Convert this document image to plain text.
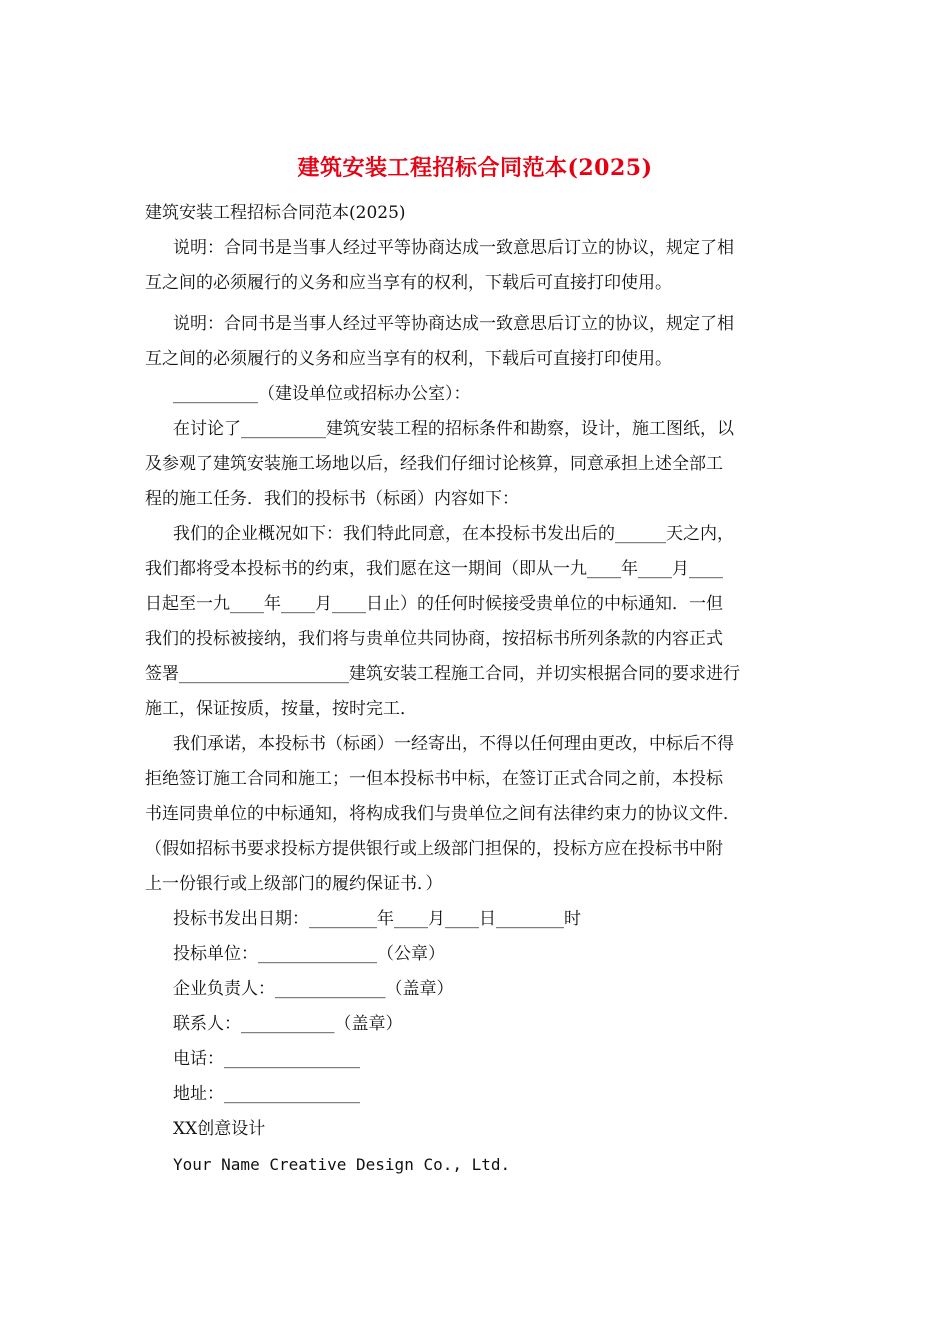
建筑安装工程招标合同范本(2025)

建筑安装工程招标合同范本(2025)

说明：合同书是当事人经过平等协商达成一致意思后订立的协议，规定了相

互之间的必须履行的义务和应当享有的权利，下载后可直接打印使用。

说明：合同书是当事人经过平等协商达成一致意思后订立的协议，规定了相

互之间的必须履行的义务和应当享有的权利，下载后可直接打印使用。

__________（建设单位或招标办公室）：

在讨论了__________建筑安装工程的招标条件和勘察，设计，施工图纸，以

及参观了建筑安装施工场地以后，经我们仔细讨论核算，同意承担上述全部工

程的施工任务．我们的投标书（标函）内容如下：

我们的企业概况如下：我们特此同意，在本投标书发出后的______天之内，

我们都将受本投标书的约束，我们愿在这一期间（即从一九____年____月____

日起至一九____年____月____日止）的任何时候接受贵单位的中标通知．一但

我们的投标被接纳，我们将与贵单位共同协商，按招标书所列条款的内容正式

签署____________________建筑安装工程施工合同，并切实根据合同的要求进行

施工，保证按质，按量，按时完工．

我们承诺，本投标书（标函）一经寄出，不得以任何理由更改，中标后不得

拒绝签订施工合同和施工；一但本投标书中标，在签订正式合同之前，本投标

书连同贵单位的中标通知，将构成我们与贵单位之间有法律约束力的协议文件．

（假如招标书要求投标方提供银行或上级部门担保的，投标方应在投标书中附

上一份银行或上级部门的履约保证书．）

投标书发出日期：________年____月____日________时

投标单位：______________（公章）

企业负责人：_____________（盖章）

联系人：___________（盖章）

电话：________________

地址：________________

XX创意设计

Your Name Creative Design Co., Ltd.
